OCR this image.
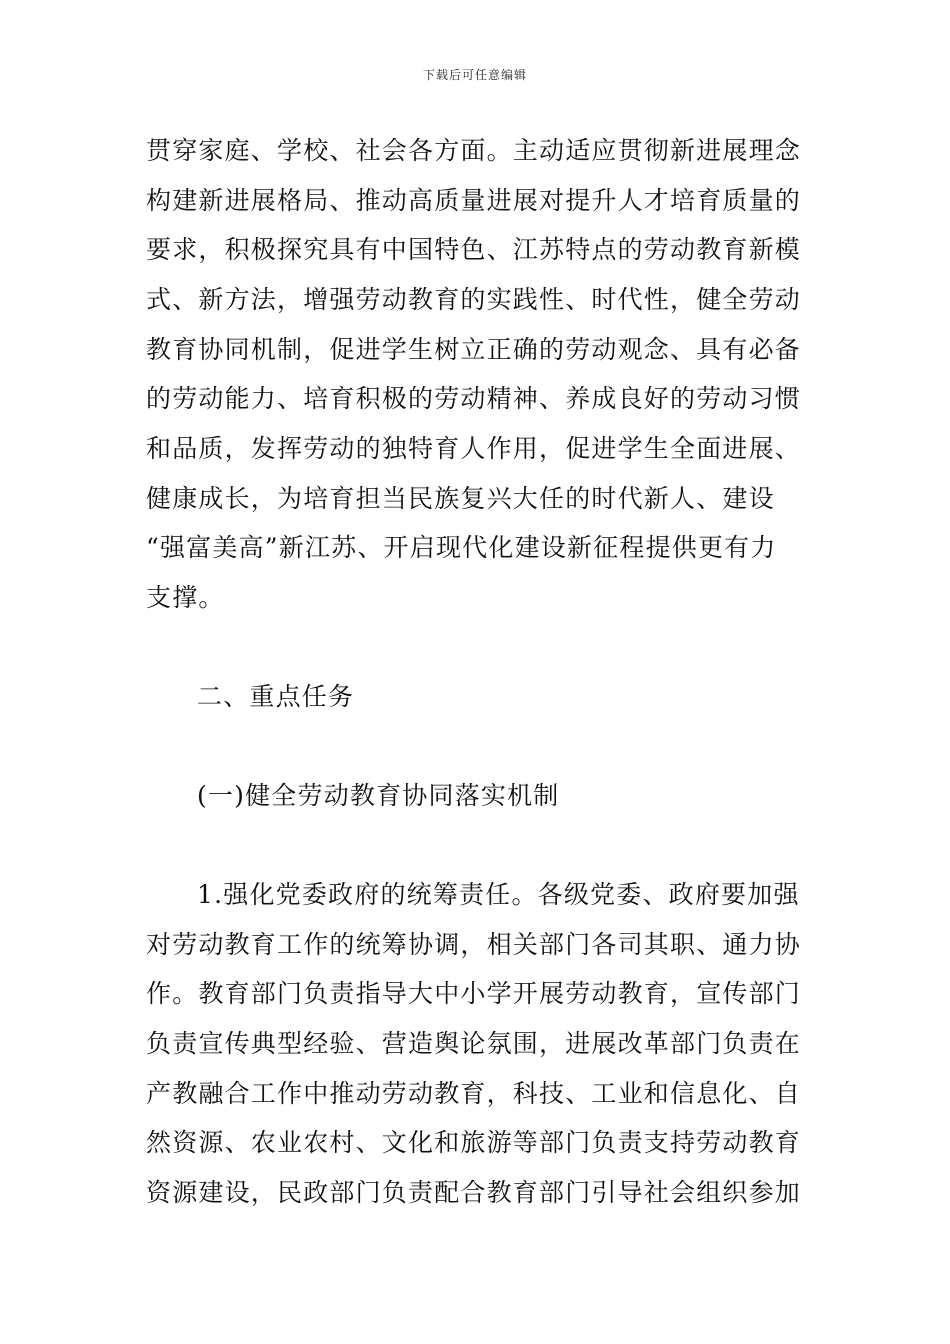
下载后可任意编辑
贯穿家庭、学校、社会各方面。主动适应贯彻新进展理念
构建新进展格局、推动高质量进展对提升人才培育质量的
要求，积极探究具有中国特色、江苏特点的劳动教育新模
式、新方法，增强劳动教育的实践性、时代性，健全劳动
教育协同机制，促进学生树立正确的劳动观念、具有必备
的劳动能力、培育积极的劳动精神、养成良好的劳动习惯
和品质，发挥劳动的独特育人作用，促进学生全面进展、
健康成长，为培育担当民族复兴大任的时代新人、建设
“强富美高”新江苏、开启现代化建设新征程提供更有力
支撑。
二、重点任务
(一)健全劳动教育协同落实机制
1.强化党委政府的统筹责任。各级党委、政府要加强
对劳动教育工作的统筹协调，相关部门各司其职、通力协
作。教育部门负责指导大中小学开展劳动教育，宣传部门
负责宣传典型经验、营造舆论氛围，进展改革部门负责在
产教融合工作中推动劳动教育，科技、工业和信息化、自
然资源、农业农村、文化和旅游等部门负责支持劳动教育
资源建设，民政部门负责配合教育部门引导社会组织参加
